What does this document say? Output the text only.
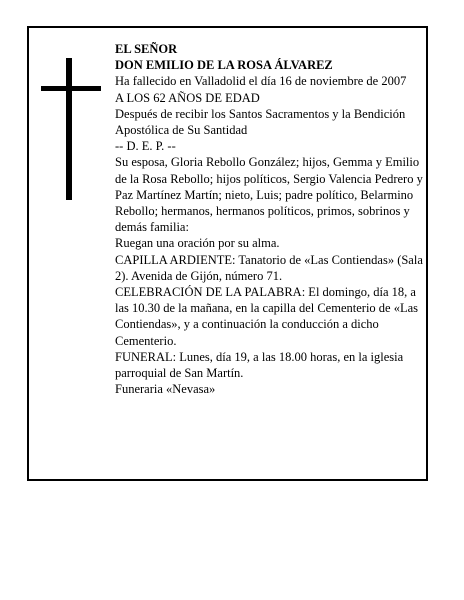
EL SEÑOR

DON EMILIO DE LA ROSA ÁLVAREZ

Ha fallecido en Valladolid el día 16 de noviembre de 2007

A LOS 62 AÑOS DE EDAD

Después de recibir los Santos Sacramentos y la Bendición Apostólica de Su Santidad

-- D. E. P. --

Su esposa, Gloria Rebollo González; hijos, Gemma y Emilio de la Rosa Rebollo; hijos políticos, Sergio Valencia Pedrero y Paz Martínez Martín; nieto, Luis; padre político, Belarmino Rebollo; hermanos, hermanos políticos, primos, sobrinos y demás familia:

Ruegan una oración por su alma.

CAPILLA ARDIENTE: Tanatorio de «Las Contiendas» (Sala 2). Avenida de Gijón, número 71.

CELEBRACIÓN DE LA PALABRA: El domingo, día 18, a las 10.30 de la mañana, en la capilla del Cementerio de «Las Contiendas», y a continuación la conducción a dicho Cementerio.

FUNERAL: Lunes, día 19, a las 18.00 horas, en la iglesia parroquial de San Martín.

Funeraria «Nevasa»
